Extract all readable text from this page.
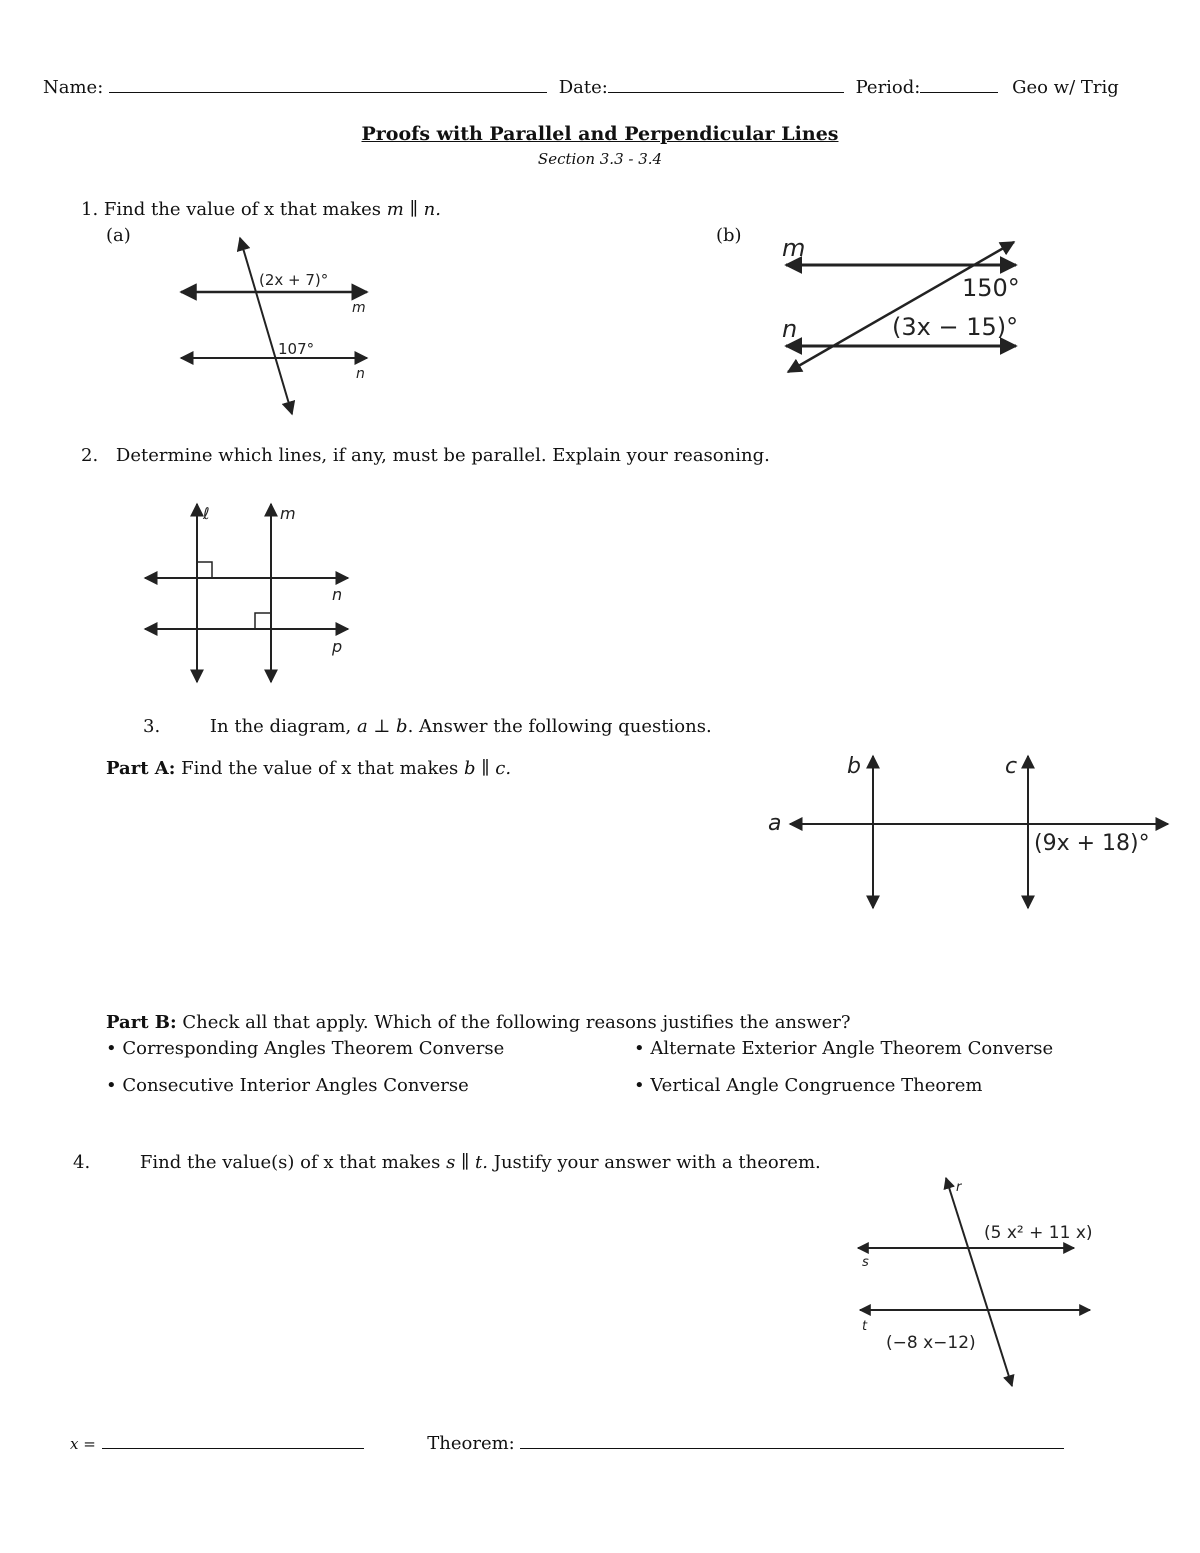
Name:	Date:	Period:	Geo w/ Trig
Proofs with Parallel and Perpendicular Lines
Section 3.3 - 3.4
1. Find the value of x that makes m ∥ n.
(a)	(b)
(2x + 7)°
107°
m
n
m
n
150°
(3x − 15)°
2. Determine which lines, if any, must be parallel. Explain your reasoning.
ℓ	m
n
p
3.	In the diagram, a ⊥ b. Answer the following questions.
Part A: Find the value of x that makes b ∥ c.
a
b	c
(9x + 18)°
Part B: Check all that apply. Which of the following reasons justifies the answer?
• Corresponding Angles Theorem Converse	• Alternate Exterior Angle Theorem Converse
• Consecutive Interior Angles Converse	• Vertical Angle Congruence Theorem
4.	Find the value(s) of x that makes s ∥ t. Justify your answer with a theorem.
r
s
t
(5 x² + 11 x)
(−8 x−12)
x =	Theorem:
